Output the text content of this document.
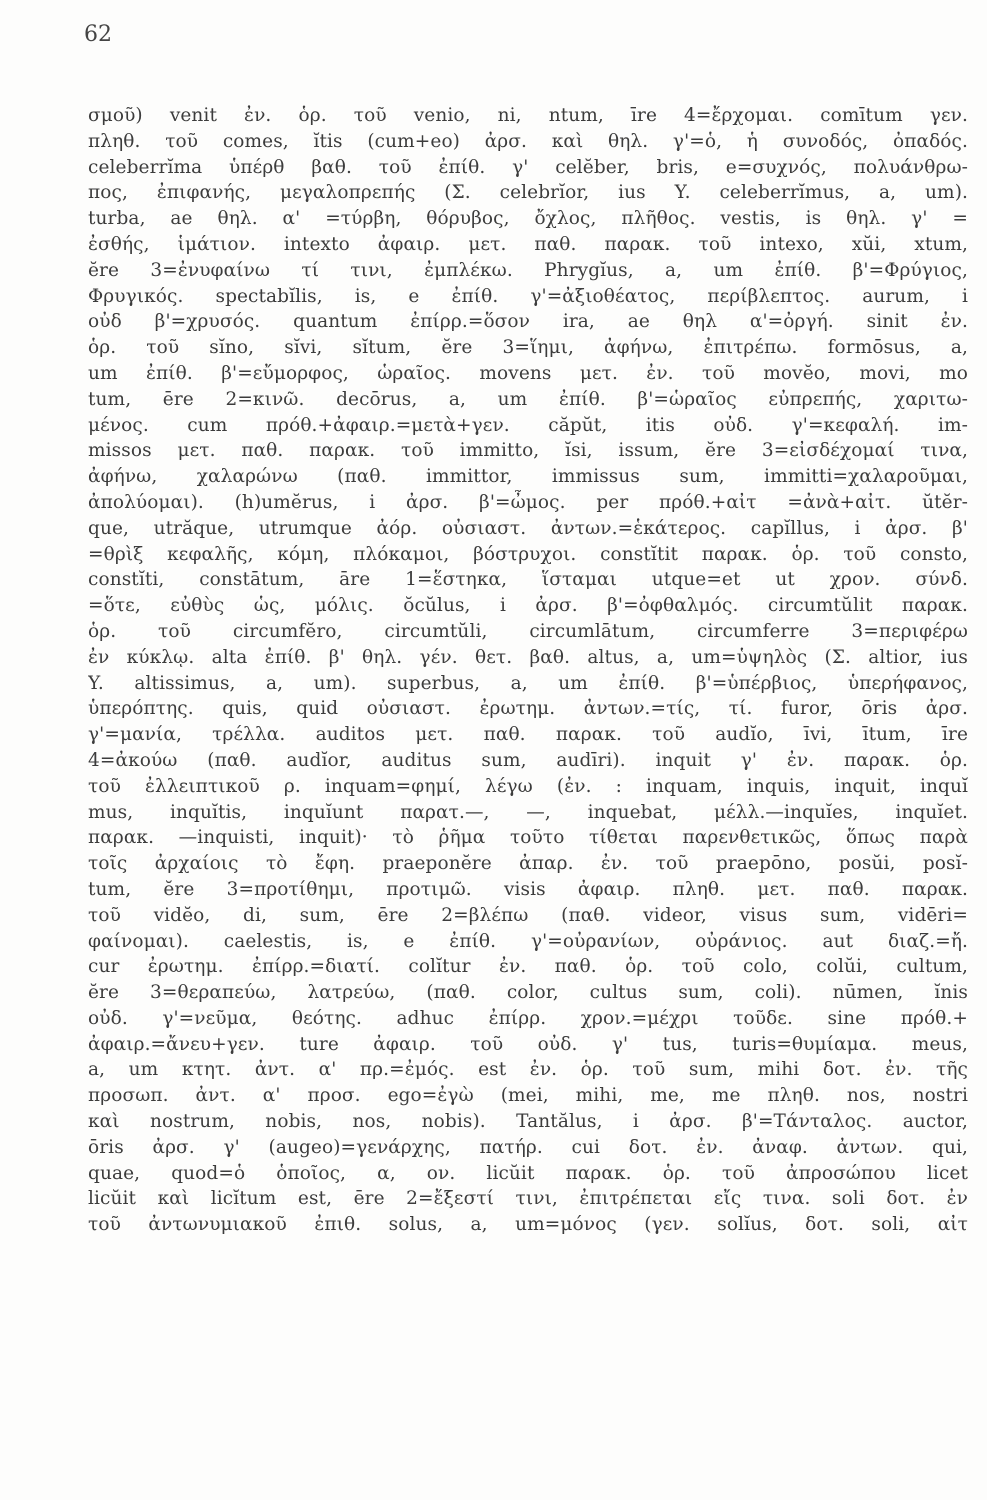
62
σμοῦ) venit ἐν. ὁρ. τοῦ venio, ni, ntum, īre 4=ἔρχομαι. comītum γεν.
πληθ. τοῦ comes, ĭtis (cum+eo) ἀρσ. καὶ θηλ. γ'=ὁ, ἡ συνοδός, ὀπαδός.
celeberrĭma ὑπέρθ βαθ. τοῦ ἐπίθ. γ' celĕber, bris, e=συχνός, πολυάνθρω-
πος, ἐπιφανής, μεγαλοπρεπής (Σ. celebrĭor, ius Y. celeberrĭmus, a, um).
turba, ae θηλ. α' =τύρβη, θόρυβος, ὄχλος, πλῆθος. vestis, is θηλ. γ' =
ἐσθής, ἱμάτιον. intexto ἀφαιρ. μετ. παθ. παρακ. τοῦ intexo, xŭi, xtum,
ĕre 3=ἐνυφαίνω τί τινι, ἐμπλέκω. Phrygĭus, a, um ἐπίθ. β'=Φρύγιος,
Φρυγικός. spectabĭlis, is, e ἐπίθ. γ'=ἀξιοθέατος, περίβλεπτος. aurum, i
οὐδ β'=χρυσός. quantum ἐπίρρ.=ὅσον ira, ae θηλ α'=ὀργή. sinit ἐν.
ὁρ. τοῦ sĭno, sĭvi, sĭtum, ĕre 3=ἵημι, ἀφήνω, ἐπιτρέπω. formōsus, a,
um ἐπίθ. β'=εὔμορφος, ὡραῖος. movens μετ. ἐν. τοῦ movĕo, movi, mo
tum, ēre 2=κινῶ. decōrus, a, um ἐπίθ. β'=ὡραῖος εὐπρεπής, χαριτω-
μένος. cum πρόθ.+ἀφαιρ.=μετὰ+γεν. căpŭt, itis οὐδ. γ'=κεφαλή. im-
missos μετ. παθ. παρακ. τοῦ immitto, ĭsi, issum, ĕre 3=εἰσδέχομαί τινα,
ἀφήνω, χαλαρώνω (παθ. immittor, immissus sum, immitti=χαλαροῦμαι,
ἀπολύομαι). (h)umĕrus, i ἀρσ. β'=ὦμος. per πρόθ.+αἰτ =ἀνὰ+αἰτ. ŭtĕr-
que, utrăque, utrumque ἀόρ. οὐσιαστ. ἀντων.=ἑκάτερος. capĭllus, i ἀρσ. β'
=θρὶξ κεφαλῆς, κόμη, πλόκαμοι, βόστρυχοι. constĭtit παρακ. ὁρ. τοῦ consto,
constĭti, constātum, āre 1=ἕστηκα, ἵσταμαι utque=et ut χρον. σύνδ.
=ὅτε, εὐθὺς ὡς, μόλις. ŏcŭlus, i ἀρσ. β'=ὀφθαλμός. circumtŭlit παρακ.
ὁρ. τοῦ circumfĕro, circumtŭli, circumlātum, circumferre 3=περιφέρω
ἐν κύκλῳ. alta ἐπίθ. β' θηλ. γέν. θετ. βαθ. altus, a, um=ὑψηλὸς (Σ. altior, ius
Y. altissimus, a, um). superbus, a, um ἐπίθ. β'=ὑπέρβιος, ὑπερήφανος,
ὑπερόπτης. quis, quid οὐσιαστ. ἐρωτημ. ἀντων.=τίς, τί. furor, ōris ἀρσ.
γ'=μανία, τρέλλα. auditos μετ. παθ. παρακ. τοῦ audĭo, īvi, ītum, īre
4=ἀκούω (παθ. audĭor, auditus sum, audīri). inquit γ' ἐν. παρακ. ὁρ.
τοῦ ἐλλειπτικοῦ ρ. inquam=φημί, λέγω (ἐν. : inquam, inquis, inquit, inquĭ
mus, inquĭtis, inquĭunt παρατ.—, —, inquebat, μέλλ.—inquĭes, inquĭet.
παρακ. —inquisti, inquit)· τὸ ῥῆμα τοῦτο τίθεται παρενθετικῶς, ὅπως παρὰ
τοῖς ἀρχαίοις τὸ ἔφη. praeponĕre ἀπαρ. ἐν. τοῦ praepōno, posŭi, posĭ-
tum, ĕre 3=προτίθημι, προτιμῶ. visis ἀφαιρ. πληθ. μετ. παθ. παρακ.
τοῦ vidĕo, di, sum, ēre 2=βλέπω (παθ. videor, visus sum, vidēri=
φαίνομαι). caelestis, is, e ἐπίθ. γ'=οὐρανίων, οὐράνιος. aut διαζ.=ἤ.
cur ἐρωτημ. ἐπίρρ.=διατί. colĭtur ἐν. παθ. ὁρ. τοῦ colo, colŭi, cultum,
ĕre 3=θεραπεύω, λατρεύω, (παθ. color, cultus sum, coli). nūmen, ĭnis
οὐδ. γ'=νεῦμα, θεότης. adhuc ἐπίρρ. χρον.=μέχρι τοῦδε. sine πρόθ.+
ἀφαιρ.=ἄνευ+γεν. ture ἀφαιρ. τοῦ οὐδ. γ' tus, turis=θυμίαμα. meus,
a, um κτητ. ἀντ. α' πρ.=ἐμός. est ἐν. ὁρ. τοῦ sum, mihi δοτ. ἐν. τῆς
προσωπ. ἀντ. α' προσ. ego=ἐγὼ (mei, mihi, me, me πληθ. nos, nostri
καὶ nostrum, nobis, nos, nobis). Tantălus, i ἀρσ. β'=Τάνταλος. auctor,
ōris ἀρσ. γ' (augeo)=γενάρχης, πατήρ. cui δοτ. ἐν. ἀναφ. ἀντων. qui,
quae, quod=ὁ ὁποῖος, α, ον. licŭit παρακ. ὁρ. τοῦ ἀπροσώπου licet
licŭit καὶ licĭtum est, ēre 2=ἔξεστί τινι, ἐπιτρέπεται εἴς τινα. soli δοτ. ἐν
τοῦ ἀντωνυμιακοῦ ἐπιθ. solus, a, um=μόνος (γεν. solĭus, δοτ. soli, αἰτ
